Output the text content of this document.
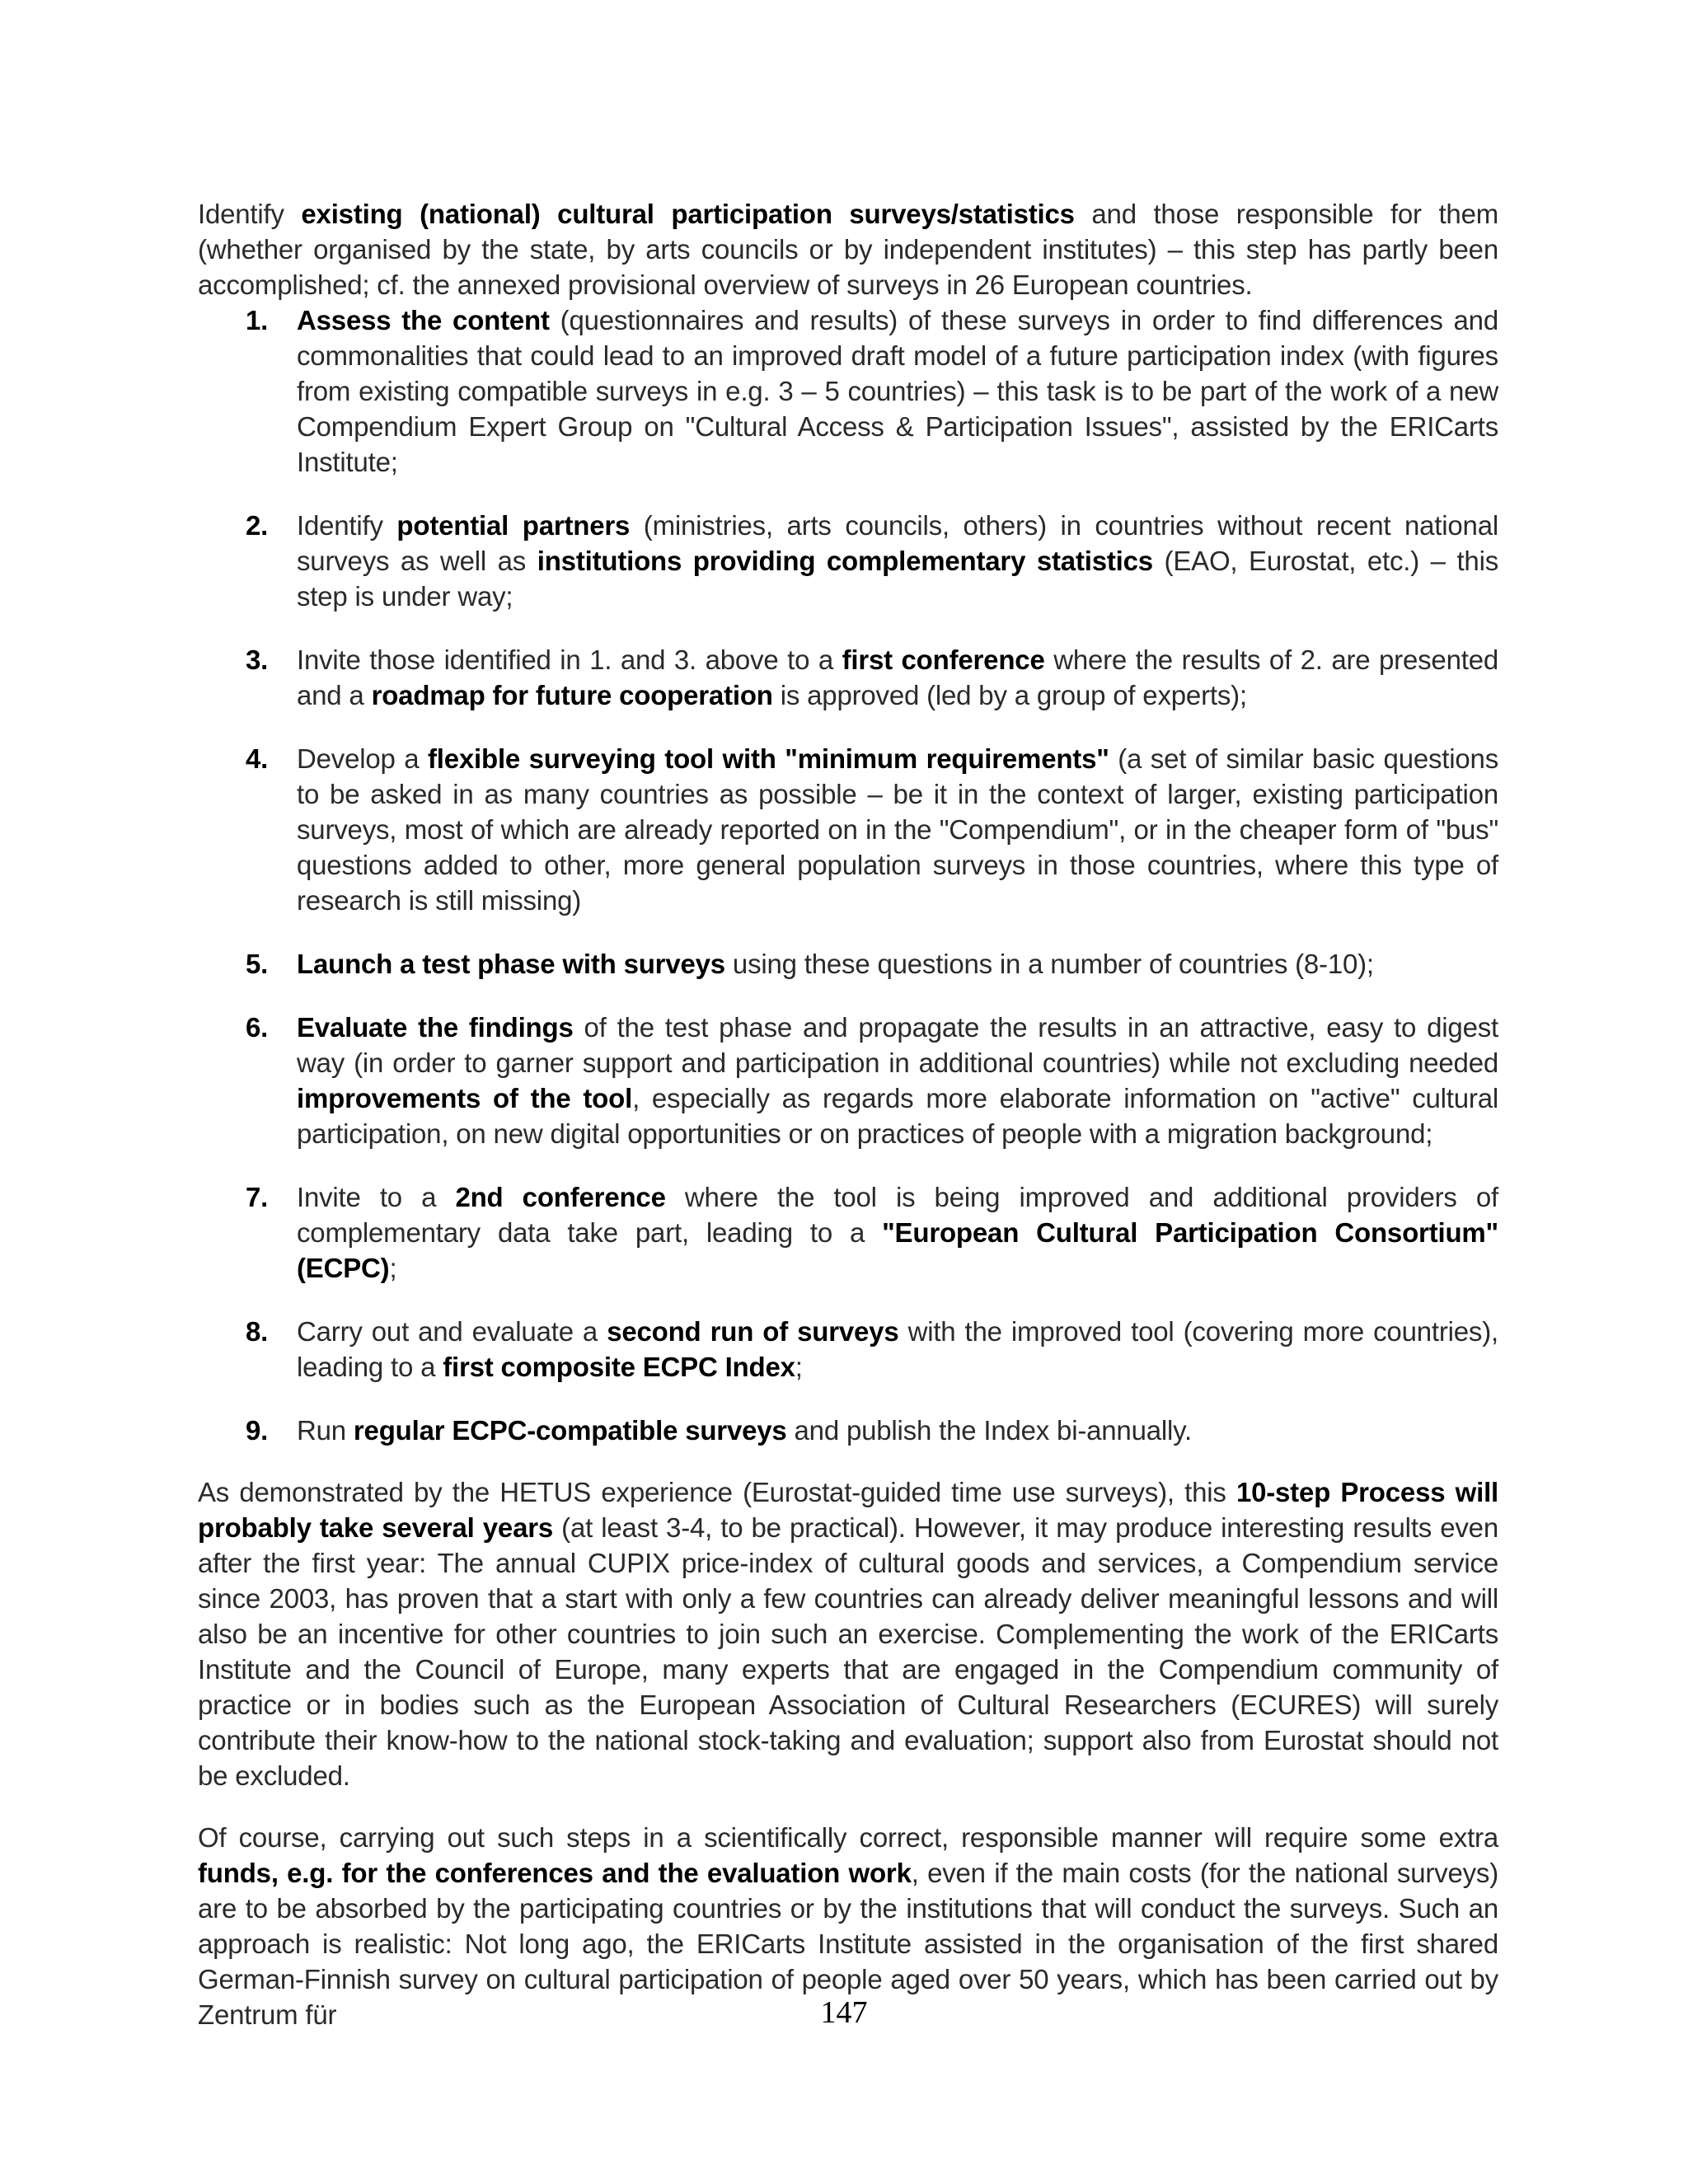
Identify existing (national) cultural participation surveys/statistics and those responsible for them (whether organised by the state, by arts councils or by independent institutes) – this step has partly been accomplished; cf. the annexed provisional overview of surveys in 26 European countries.

1. Assess the content (questionnaires and results) of these surveys in order to find differences and commonalities that could lead to an improved draft model of a future participation index (with figures from existing compatible surveys in e.g. 3 – 5 countries) – this task is to be part of the work of a new Compendium Expert Group on "Cultural Access & Participation Issues", assisted by the ERICarts Institute;
2. Identify potential partners (ministries, arts councils, others) in countries without recent national surveys as well as institutions providing complementary statistics (EAO, Eurostat, etc.) – this step is under way;
3. Invite those identified in 1. and 3. above to a first conference where the results of 2. are presented and a roadmap for future cooperation is approved (led by a group of experts);
4. Develop a flexible surveying tool with "minimum requirements" (a set of similar basic questions to be asked in as many countries as possible – be it in the context of larger, existing participation surveys, most of which are already reported on in the "Compendium", or in the cheaper form of "bus" questions added to other, more general population surveys in those countries, where this type of research is still missing)
5. Launch a test phase with surveys using these questions in a number of countries (8-10);
6. Evaluate the findings of the test phase and propagate the results in an attractive, easy to digest way (in order to garner support and participation in additional countries) while not excluding needed improvements of the tool, especially as regards more elaborate information on "active" cultural participation, on new digital opportunities or on practices of people with a migration background;
7. Invite to a 2nd conference where the tool is being improved and additional providers of complementary data take part, leading to a "European Cultural Participation Consortium" (ECPC);
8. Carry out and evaluate a second run of surveys with the improved tool (covering more countries), leading to a first composite ECPC Index;
9. Run regular ECPC-compatible surveys and publish the Index bi-annually.

As demonstrated by the HETUS experience (Eurostat-guided time use surveys), this 10-step Process will probably take several years (at least 3-4, to be practical). However, it may produce interesting results even after the first year: The annual CUPIX price-index of cultural goods and services, a Compendium service since 2003, has proven that a start with only a few countries can already deliver meaningful lessons and will also be an incentive for other countries to join such an exercise. Complementing the work of the ERICarts Institute and the Council of Europe, many experts that are engaged in the Compendium community of practice or in bodies such as the European Association of Cultural Researchers (ECURES) will surely contribute their know-how to the national stock-taking and evaluation; support also from Eurostat should not be excluded.

Of course, carrying out such steps in a scientifically correct, responsible manner will require some extra funds, e.g. for the conferences and the evaluation work, even if the main costs (for the national surveys) are to be absorbed by the participating countries or by the institutions that will conduct the surveys. Such an approach is realistic: Not long ago, the ERICarts Institute assisted in the organisation of the first shared German-Finnish survey on cultural participation of people aged over 50 years, which has been carried out by Zentrum für	147
